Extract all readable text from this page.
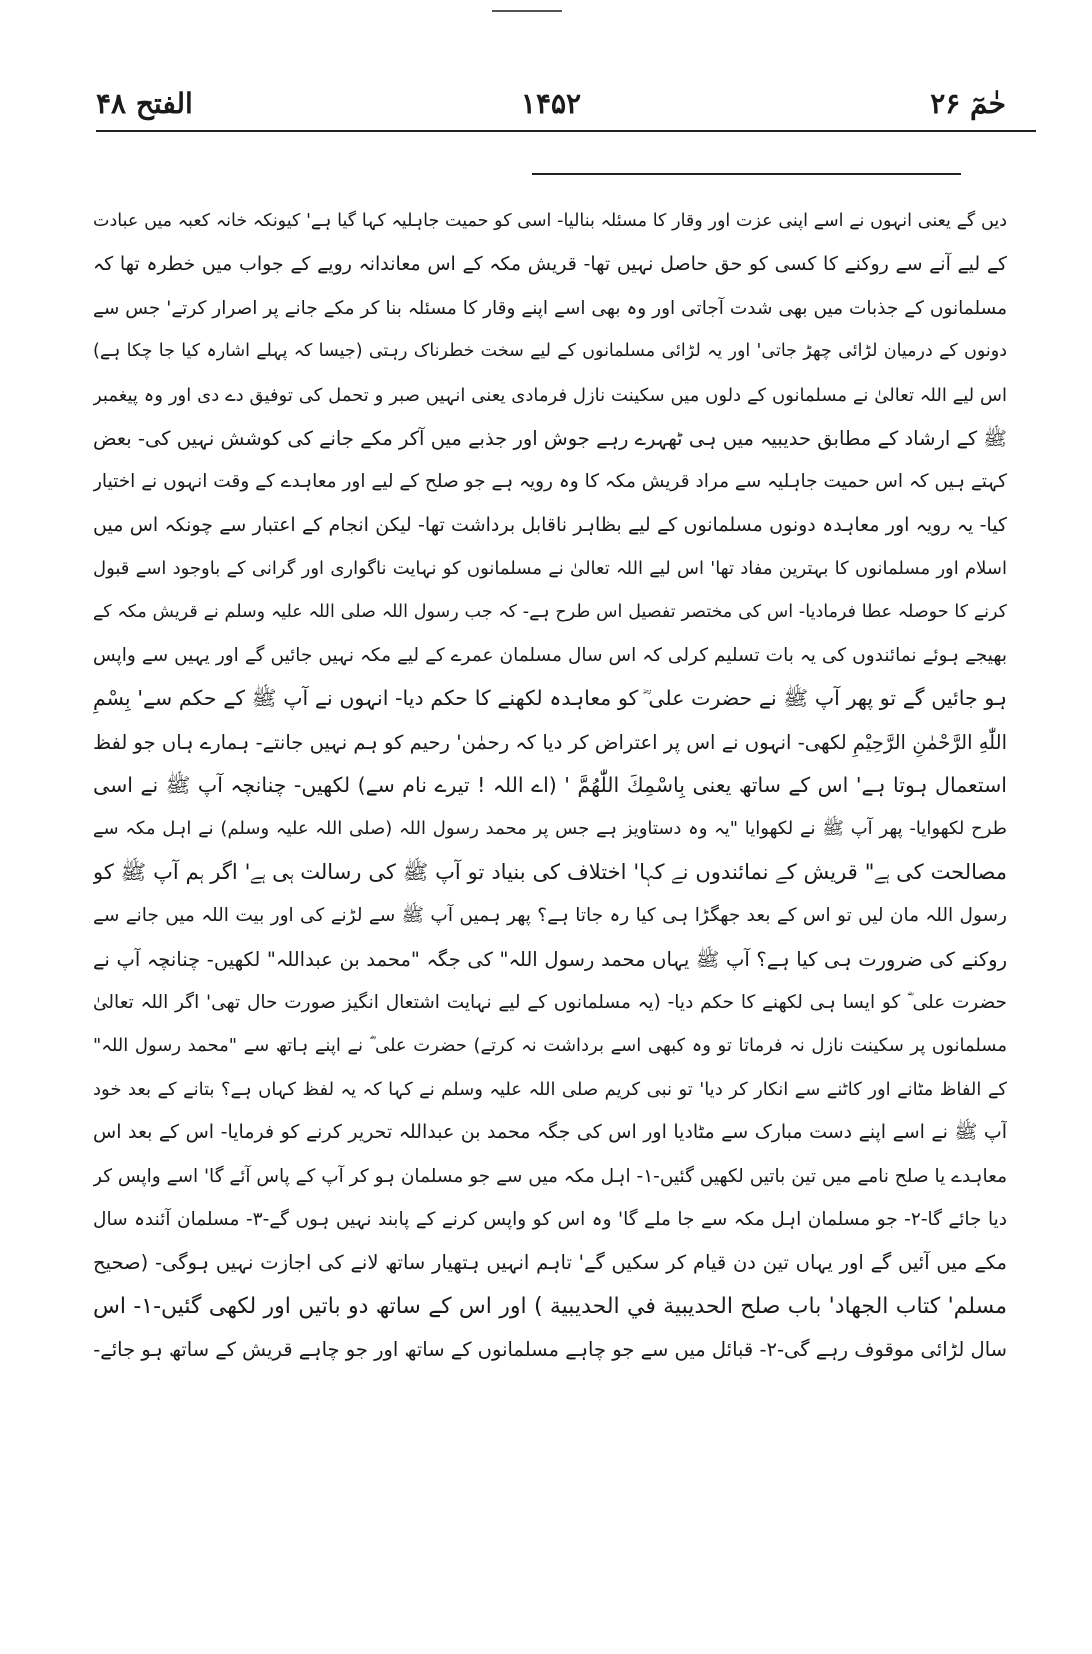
الفتح ۴۸	۱۴۵۲	حٰمٓ ۲۶
دیں گے یعنی انہوں نے اسے اپنی عزت اور وقار کا مسئلہ بنالیا- اسی کو حمیت جاہلیہ کہا گیا ہے' کیونکہ خانہ کعبہ میں عبادت
کے لیے آنے سے روکنے کا کسی کو حق حاصل نہیں تھا- قریش مکہ کے اس معاندانہ رویے کے جواب میں خطرہ تھا کہ
مسلمانوں کے جذبات میں بھی شدت آجاتی اور وہ بھی اسے اپنے وقار کا مسئلہ بنا کر مکے جانے پر اصرار کرتے' جس سے
دونوں کے درمیان لڑائی چھڑ جاتی' اور یہ لڑائی مسلمانوں کے لیے سخت خطرناک رہتی (جیسا کہ پہلے اشارہ کیا جا چکا ہے)
اس لیے اللہ تعالیٰ نے مسلمانوں کے دلوں میں سکینت نازل فرمادی یعنی انہیں صبر و تحمل کی توفیق دے دی اور وہ پیغمبر
ﷺ کے ارشاد کے مطابق حدیبیہ میں ہی ٹھہرے رہے جوش اور جذبے میں آکر مکے جانے کی کوشش نہیں کی- بعض
کہتے ہیں کہ اس حمیت جاہلیہ سے مراد قریش مکہ کا وہ رویہ ہے جو صلح کے لیے اور معاہدے کے وقت انہوں نے اختیار
کیا- یہ رویہ اور معاہدہ دونوں مسلمانوں کے لیے بظاہر ناقابل برداشت تھا- لیکن انجام کے اعتبار سے چونکہ اس میں
اسلام اور مسلمانوں کا بہترین مفاد تھا' اس لیے اللہ تعالیٰ نے مسلمانوں کو نہایت ناگواری اور گرانی کے باوجود اسے قبول
کرنے کا حوصلہ عطا فرمادیا- اس کی مختصر تفصیل اس طرح ہے- کہ جب رسول اللہ صلی اللہ علیہ وسلم نے قریش مکہ کے
بھیجے ہوئے نمائندوں کی یہ بات تسلیم کرلی کہ اس سال مسلمان عمرے کے لیے مکہ نہیں جائیں گے اور یہیں سے واپس
ہو جائیں گے تو پھر آپ ﷺ نے حضرت علی ؓ کو معاہدہ لکھنے کا حکم دیا- انہوں نے آپ ﷺ کے حکم سے' بِسْمِ
اللّٰهِ الرَّحْمٰنِ الرَّحِيْمِ لکھی- انہوں نے اس پر اعتراض کر دیا کہ رحمٰن' رحیم کو ہم نہیں جانتے- ہمارے ہاں جو لفظ
استعمال ہوتا ہے' اس کے ساتھ یعنی بِاسْمِكَ اللّٰهُمَّ ' (اے اللہ ! تیرے نام سے) لکھیں- چنانچہ آپ ﷺ نے اسی
طرح لکھوایا- پھر آپ ﷺ نے لکھوایا "یہ وہ دستاویز ہے جس پر محمد رسول اللہ (صلی اللہ علیہ وسلم) نے اہل مکہ سے
مصالحت کی ہے" قریش کے نمائندوں نے کہا' اختلاف کی بنیاد تو آپ ﷺ کی رسالت ہی ہے' اگر ہم آپ ﷺ کو
رسول اللہ مان لیں تو اس کے بعد جھگڑا ہی کیا رہ جاتا ہے؟ پھر ہمیں آپ ﷺ سے لڑنے کی اور بیت اللہ میں جانے سے
روکنے کی ضرورت ہی کیا ہے؟ آپ ﷺ یہاں محمد رسول اللہ" کی جگہ "محمد بن عبداللہ" لکھیں- چنانچہ آپ نے
حضرت علی ؓ کو ایسا ہی لکھنے کا حکم دیا- (یہ مسلمانوں کے لیے نہایت اشتعال انگیز صورت حال تھی' اگر اللہ تعالیٰ
مسلمانوں پر سکینت نازل نہ فرماتا تو وہ کبھی اسے برداشت نہ کرتے) حضرت علی ؓ نے اپنے ہاتھ سے "محمد رسول اللہ"
کے الفاظ مٹانے اور کاٹنے سے انکار کر دیا' تو نبی کریم صلی اللہ علیہ وسلم نے کہا کہ یہ لفظ کہاں ہے؟ بتانے کے بعد خود
آپ ﷺ نے اسے اپنے دست مبارک سے مٹادیا اور اس کی جگہ محمد بن عبداللہ تحریر کرنے کو فرمایا- اس کے بعد اس
معاہدے یا صلح نامے میں تین باتیں لکھیں گئیں-۱- اہل مکہ میں سے جو مسلمان ہو کر آپ کے پاس آئے گا' اسے واپس کر
دیا جائے گا-۲- جو مسلمان اہل مکہ سے جا ملے گا' وہ اس کو واپس کرنے کے پابند نہیں ہوں گے-۳- مسلمان آئندہ سال
مکے میں آئیں گے اور یہاں تین دن قیام کر سکیں گے' تاہم انہیں ہتھیار ساتھ لانے کی اجازت نہیں ہوگی- (صحیح
مسلم' کتاب الجهاد' باب صلح الحديبية في الحديبية ) اور اس کے ساتھ دو باتیں اور لکھی گئیں-۱- اس
سال لڑائی موقوف رہے گی-۲- قبائل میں سے جو چاہے مسلمانوں کے ساتھ اور جو چاہے قریش کے ساتھ ہو جائے-
